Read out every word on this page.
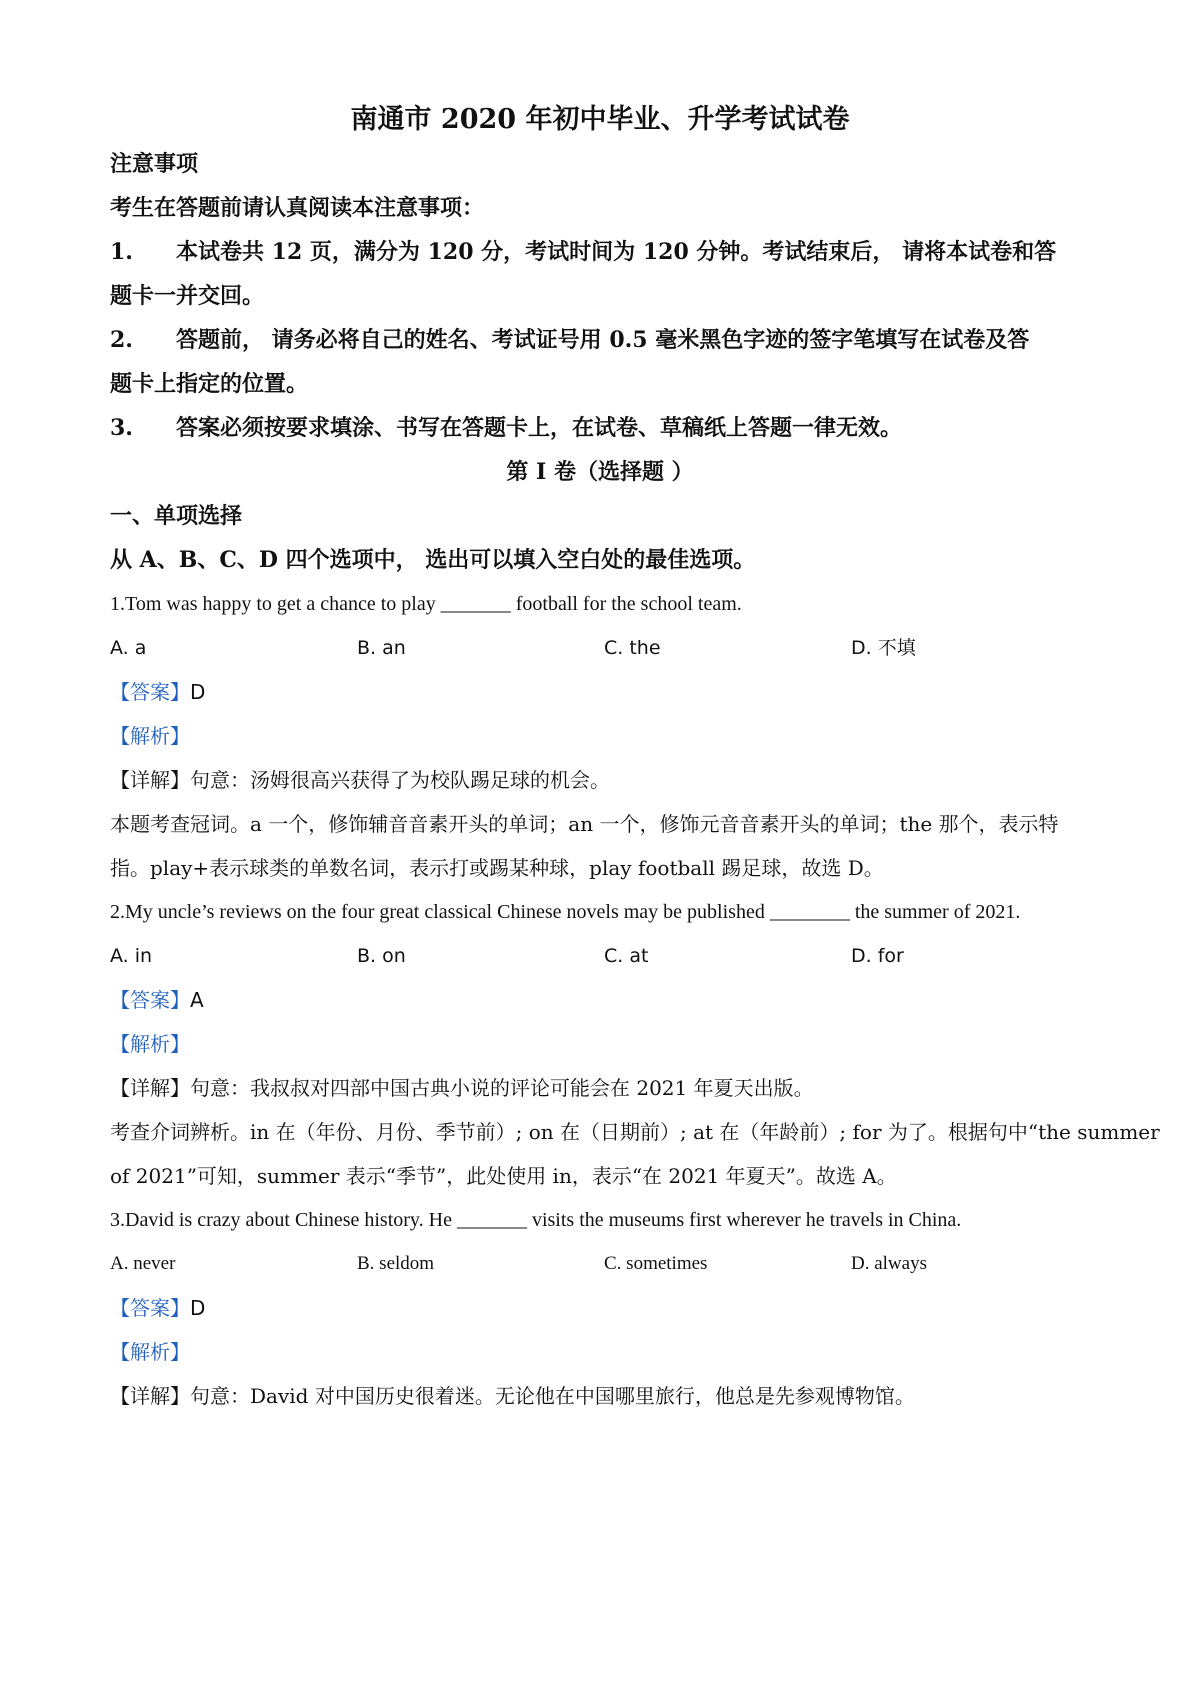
南通市 2020 年初中毕业、升学考试试卷
注意事项
考生在答题前请认真阅读本注意事项：
1. 本试卷共 12 页，满分为 120 分，考试时间为 120 分钟。考试结束后， 请将本试卷和答
题卡一并交回。
2. 答题前， 请务必将自己的姓名、考试证号用 0.5 毫米黑色字迹的签字笔填写在试卷及答
题卡上指定的位置。
3. 答案必须按要求填涂、书写在答题卡上，在试卷、草稿纸上答题一律无效。
第 I 卷（选择题 ）
一、单项选择
从 A、B、C、D 四个选项中， 选出可以填入空白处的最佳选项。
1.Tom was happy to get a chance to play _______ football for the school team.
A. a	B. an	C. the	D. 不填
【答案】D
【解析】
【详解】句意：汤姆很高兴获得了为校队踢足球的机会。
本题考查冠词。a 一个，修饰辅音音素开头的单词；an 一个，修饰元音音素开头的单词；the 那个，表示特
指。play+表示球类的单数名词，表示打或踢某种球，play football 踢足球，故选 D。
2.My uncle’s reviews on the four great classical Chinese novels may be published ________ the summer of 2021.
A. in	B. on	C. at	D. for
【答案】A
【解析】
【详解】句意：我叔叔对四部中国古典小说的评论可能会在 2021 年夏天出版。
考查介词辨析。in 在（年份、月份、季节前）; on 在（日期前）; at 在（年龄前）; for 为了。根据句中“the summer
of 2021”可知，summer 表示“季节”，此处使用 in，表示“在 2021 年夏天”。故选 A。
3.David is crazy about Chinese history. He _______ visits the museums first wherever he travels in China.
A. never	B. seldom	C. sometimes	D. always
【答案】D
【解析】
【详解】句意：David 对中国历史很着迷。无论他在中国哪里旅行，他总是先参观博物馆。
